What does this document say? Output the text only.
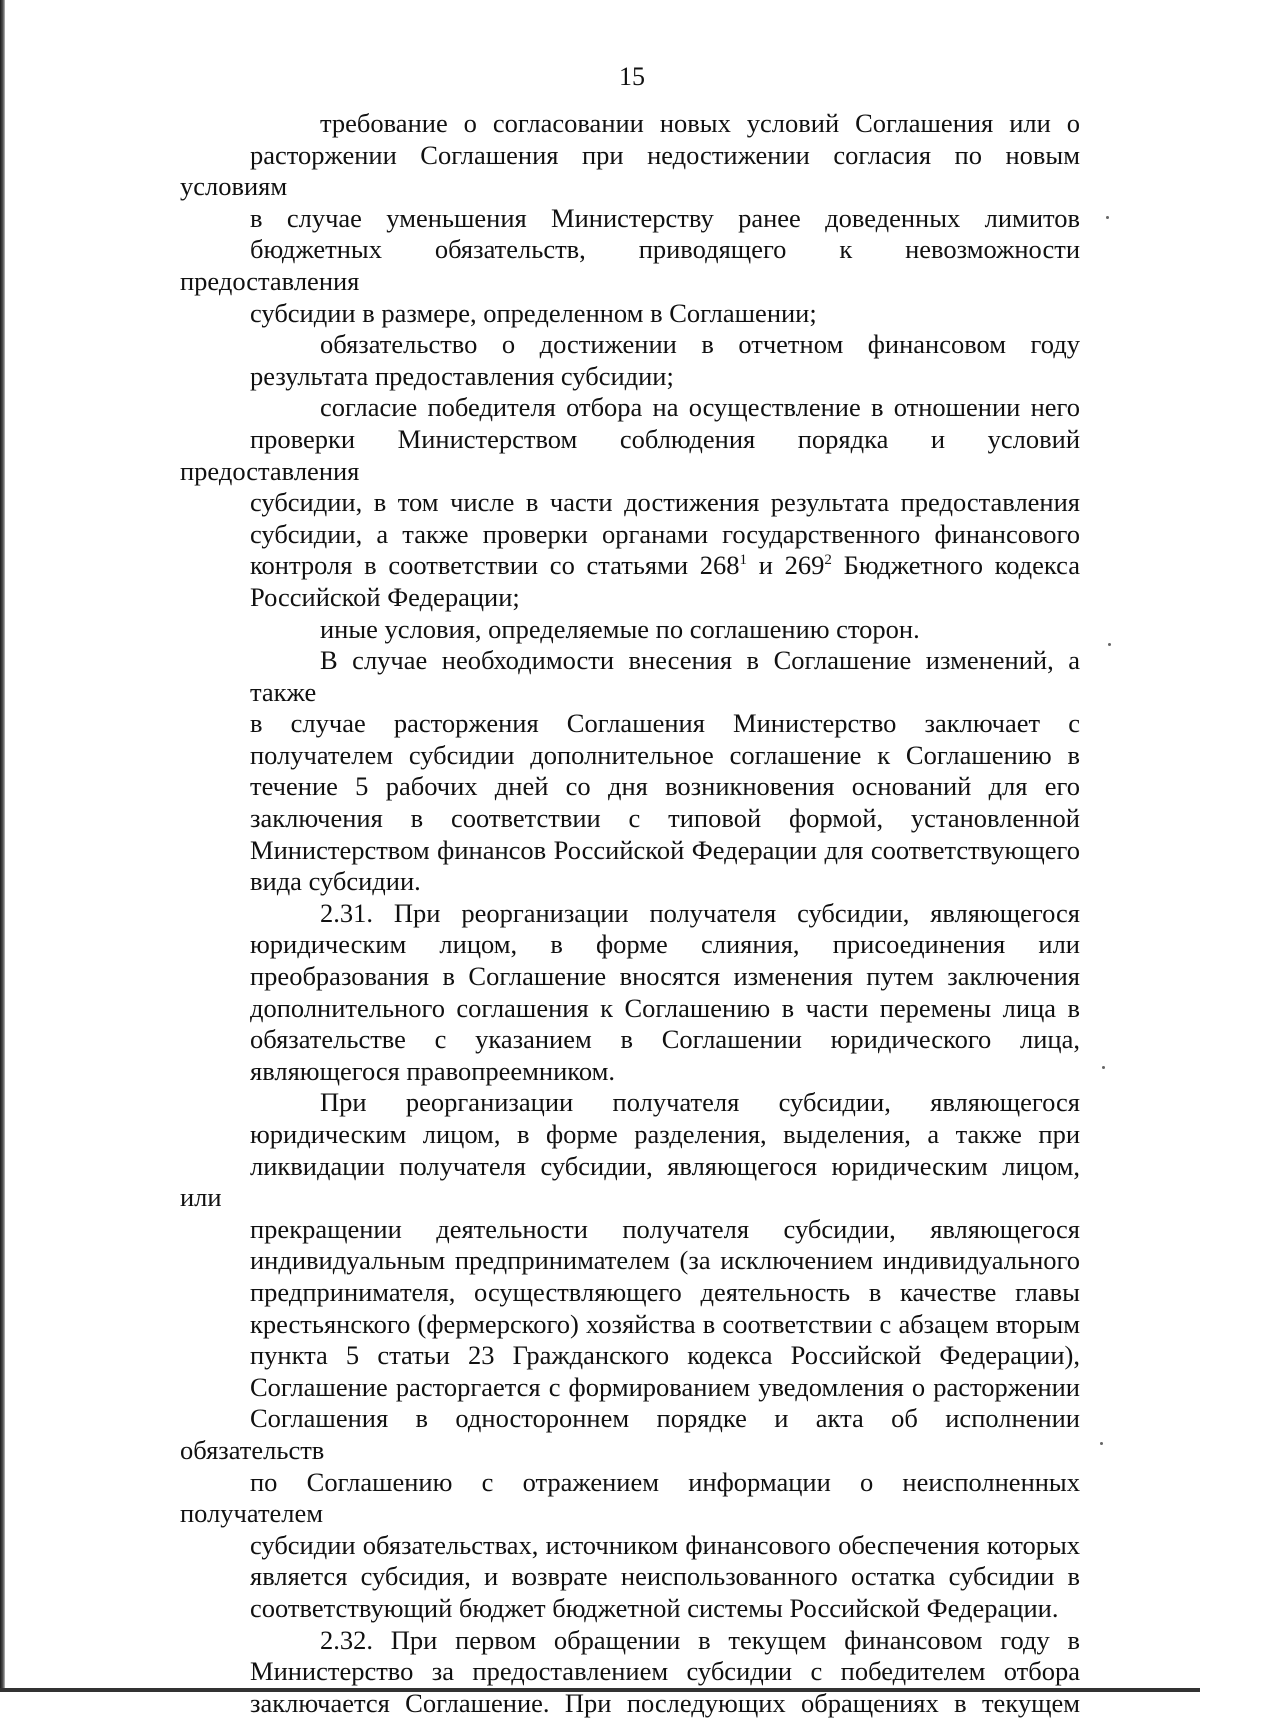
15

требование о согласовании новых условий Соглашения или о
расторжении Соглашения при недостижении согласия по новым условиям
в случае уменьшения Министерству ранее доведенных лимитов
бюджетных обязательств, приводящего к невозможности предоставления
субсидии в размере, определенном в Соглашении;

обязательство о достижении в отчетном финансовом году
результата предоставления субсидии;

согласие победителя отбора на осуществление в отношении него
проверки Министерством соблюдения порядка и условий предоставления
субсидии, в том числе в части достижения результата предоставления
субсидии, а также проверки органами государственного финансового
контроля в соответствии со статьями $268^1$ и $269^2$ Бюджетного кодекса
Российской Федерации;

иные условия, определяемые по соглашению сторон.

В случае необходимости внесения в Соглашение изменений, а также
в случае расторжения Соглашения Министерство заключает с
получателем субсидии дополнительное соглашение к Соглашению в
течение 5 рабочих дней со дня возникновения оснований для его
заключения в соответствии с типовой формой, установленной
Министерством финансов Российской Федерации для соответствующего
вида субсидии.

2.31. При реорганизации получателя субсидии, являющегося
юридическим лицом, в форме слияния, присоединения или
преобразования в Соглашение вносятся изменения путем заключения
дополнительного соглашения к Соглашению в части перемены лица в
обязательстве с указанием в Соглашении юридического лица,
являющегося правопреемником.

При реорганизации получателя субсидии, являющегося
юридическим лицом, в форме разделения, выделения, а также при
ликвидации получателя субсидии, являющегося юридическим лицом, или
прекращении деятельности получателя субсидии, являющегося
индивидуальным предпринимателем (за исключением индивидуального
предпринимателя, осуществляющего деятельность в качестве главы
крестьянского (фермерского) хозяйства в соответствии с абзацем вторым
пункта 5 статьи 23 Гражданского кодекса Российской Федерации),
Соглашение расторгается с формированием уведомления о расторжении
Соглашения в одностороннем порядке и акта об исполнении обязательств
по Соглашению с отражением информации о неисполненных получателем
субсидии обязательствах, источником финансового обеспечения которых
является субсидия, и возврате неиспользованного остатка субсидии в
соответствующий бюджет бюджетной системы Российской Федерации.

2.32. При первом обращении в текущем финансовом году в
Министерство за предоставлением субсидии с победителем отбора
заключается Соглашение. При последующих обращениях в текущем
